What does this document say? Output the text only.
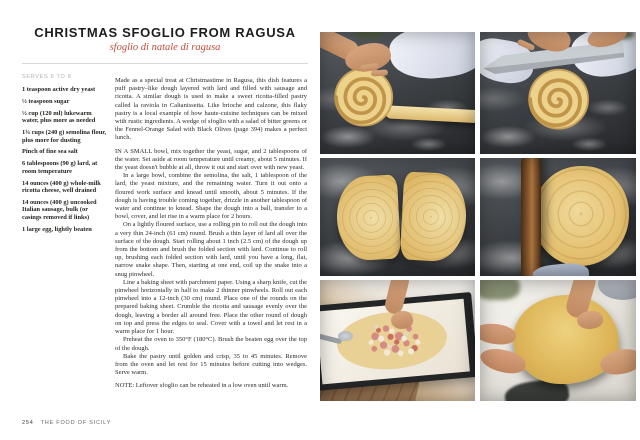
CHRISTMAS SFOGLIO FROM RAGUSA
sfoglio di natale di ragusa
SERVES 6 TO 8
1 teaspoon active dry yeast
½ teaspoon sugar
½ cup (120 ml) lukewarm water, plus more as needed
1¾ cups (240 g) semolina flour, plus more for dusting
Pinch of fine sea salt
6 tablespoons (90 g) lard, at room temperature
14 ounces (400 g) whole-milk ricotta cheese, well drained
14 ounces (400 g) uncooked Italian sausage, bulk (or casings removed if links)
1 large egg, lightly beaten

Made as a special treat at Christmastime in Ragusa, this dish features a puff pastry–like dough layered with lard and filled with sausage and ricotta. A similar dough is used to make a sweet ricotta-filled pastry called la raviola in Caltanissetta. Like brioche and calzone, this flaky pastry is a local example of how haute-cuisine techniques can be mixed with rustic ingredients. A wedge of sfoglio with a salad of bitter greens or the Fennel-Orange Salad with Black Olives (page 394) makes a perfect lunch.

IN A SMALL bowl, mix together the yeast, sugar, and 2 tablespoons of the water. Set aside at room temperature until creamy, about 5 minutes. If the yeast doesn't bubble at all, throw it out and start over with new yeast.

In a large bowl, combine the semolina, the salt, 1 tablespoon of the lard, the yeast mixture, and the remaining water. Turn it out onto a floured work surface and knead until smooth, about 5 minutes. If the dough is having trouble coming together, drizzle in another tablespoon of water and continue to knead. Shape the dough into a ball, transfer to a bowl, cover, and let rise in a warm place for 2 hours.

On a lightly floured surface, use a rolling pin to roll out the dough into a very thin 24-inch (61 cm) round. Brush a thin layer of lard all over the surface of the dough. Start rolling about 1 inch (2.5 cm) of the dough up from the bottom and brush the folded section with lard. Continue to roll up, brushing each folded section with lard, until you have a long, flat, narrow snake shape. Then, starting at one end, coil up the snake into a snug pinwheel.

Line a baking sheet with parchment paper. Using a sharp knife, cut the pinwheel horizontally in half to make 2 thinner pinwheels. Roll out each pinwheel into a 12-inch (30 cm) round. Place one of the rounds on the prepared baking sheet. Crumble the ricotta and sausage evenly over the dough, leaving a border all around free. Place the other round of dough on top and press the edges to seal. Cover with a towel and let rest in a warm place for 1 hour.

Preheat the oven to 350°F (180°C). Brush the beaten egg over the top of the dough.

Bake the pastry until golden and crisp, 35 to 45 minutes. Remove from the oven and let rest for 15 minutes before cutting into wedges. Serve warm.

NOTE: Leftover sfoglio can be reheated in a low oven until warm.

254 THE FOOD OF SICILY
